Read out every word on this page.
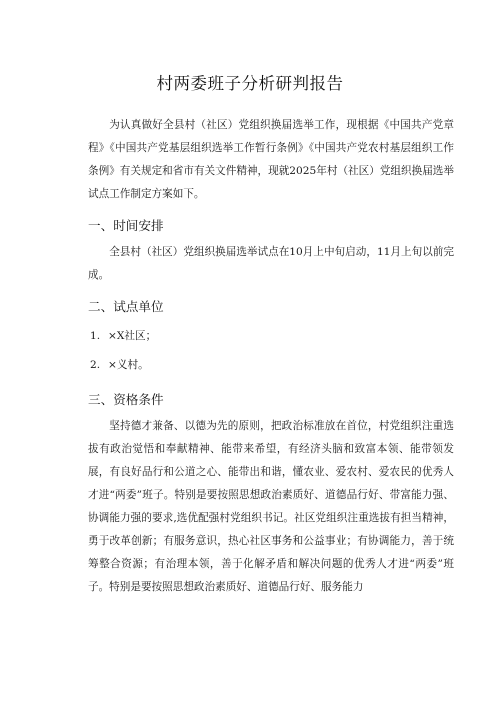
村两委班子分析研判报告

为认真做好全县村（社区）党组织换届选举工作，现根据《中国共产党章程》《中国共产党基层组织选举工作暂行条例》《中国共产党农村基层组织工作条例》有关规定和省市有关文件精神，现就2025年村（社区）党组织换届选举试点工作制定方案如下。

一、时间安排

全县村（社区）党组织换届选举试点在10月上中旬启动，11月上旬以前完成。

二、试点单位
1. ×X社区；
2. ×义村。
三、资格条件

坚持德才兼备、以德为先的原则，把政治标准放在首位，村党组织注重选拔有政治觉悟和奉献精神、能带来希望，有经济头脑和致富本领、能带领发展，有良好品行和公道之心、能带出和谐，懂农业、爱农村、爱农民的优秀人才进“两委”班子。特别是要按照思想政治素质好、道德品行好、带富能力强、协调能力强的要求,选优配强村党组织书记。社区党组织注重选拔有担当精神，勇于改革创新；有服务意识，热心社区事务和公益事业；有协调能力，善于统筹整合资源；有治理本领，善于化解矛盾和解决问题的优秀人才进“两委”班子。特别是要按照思想政治素质好、道德品行好、服务能力
